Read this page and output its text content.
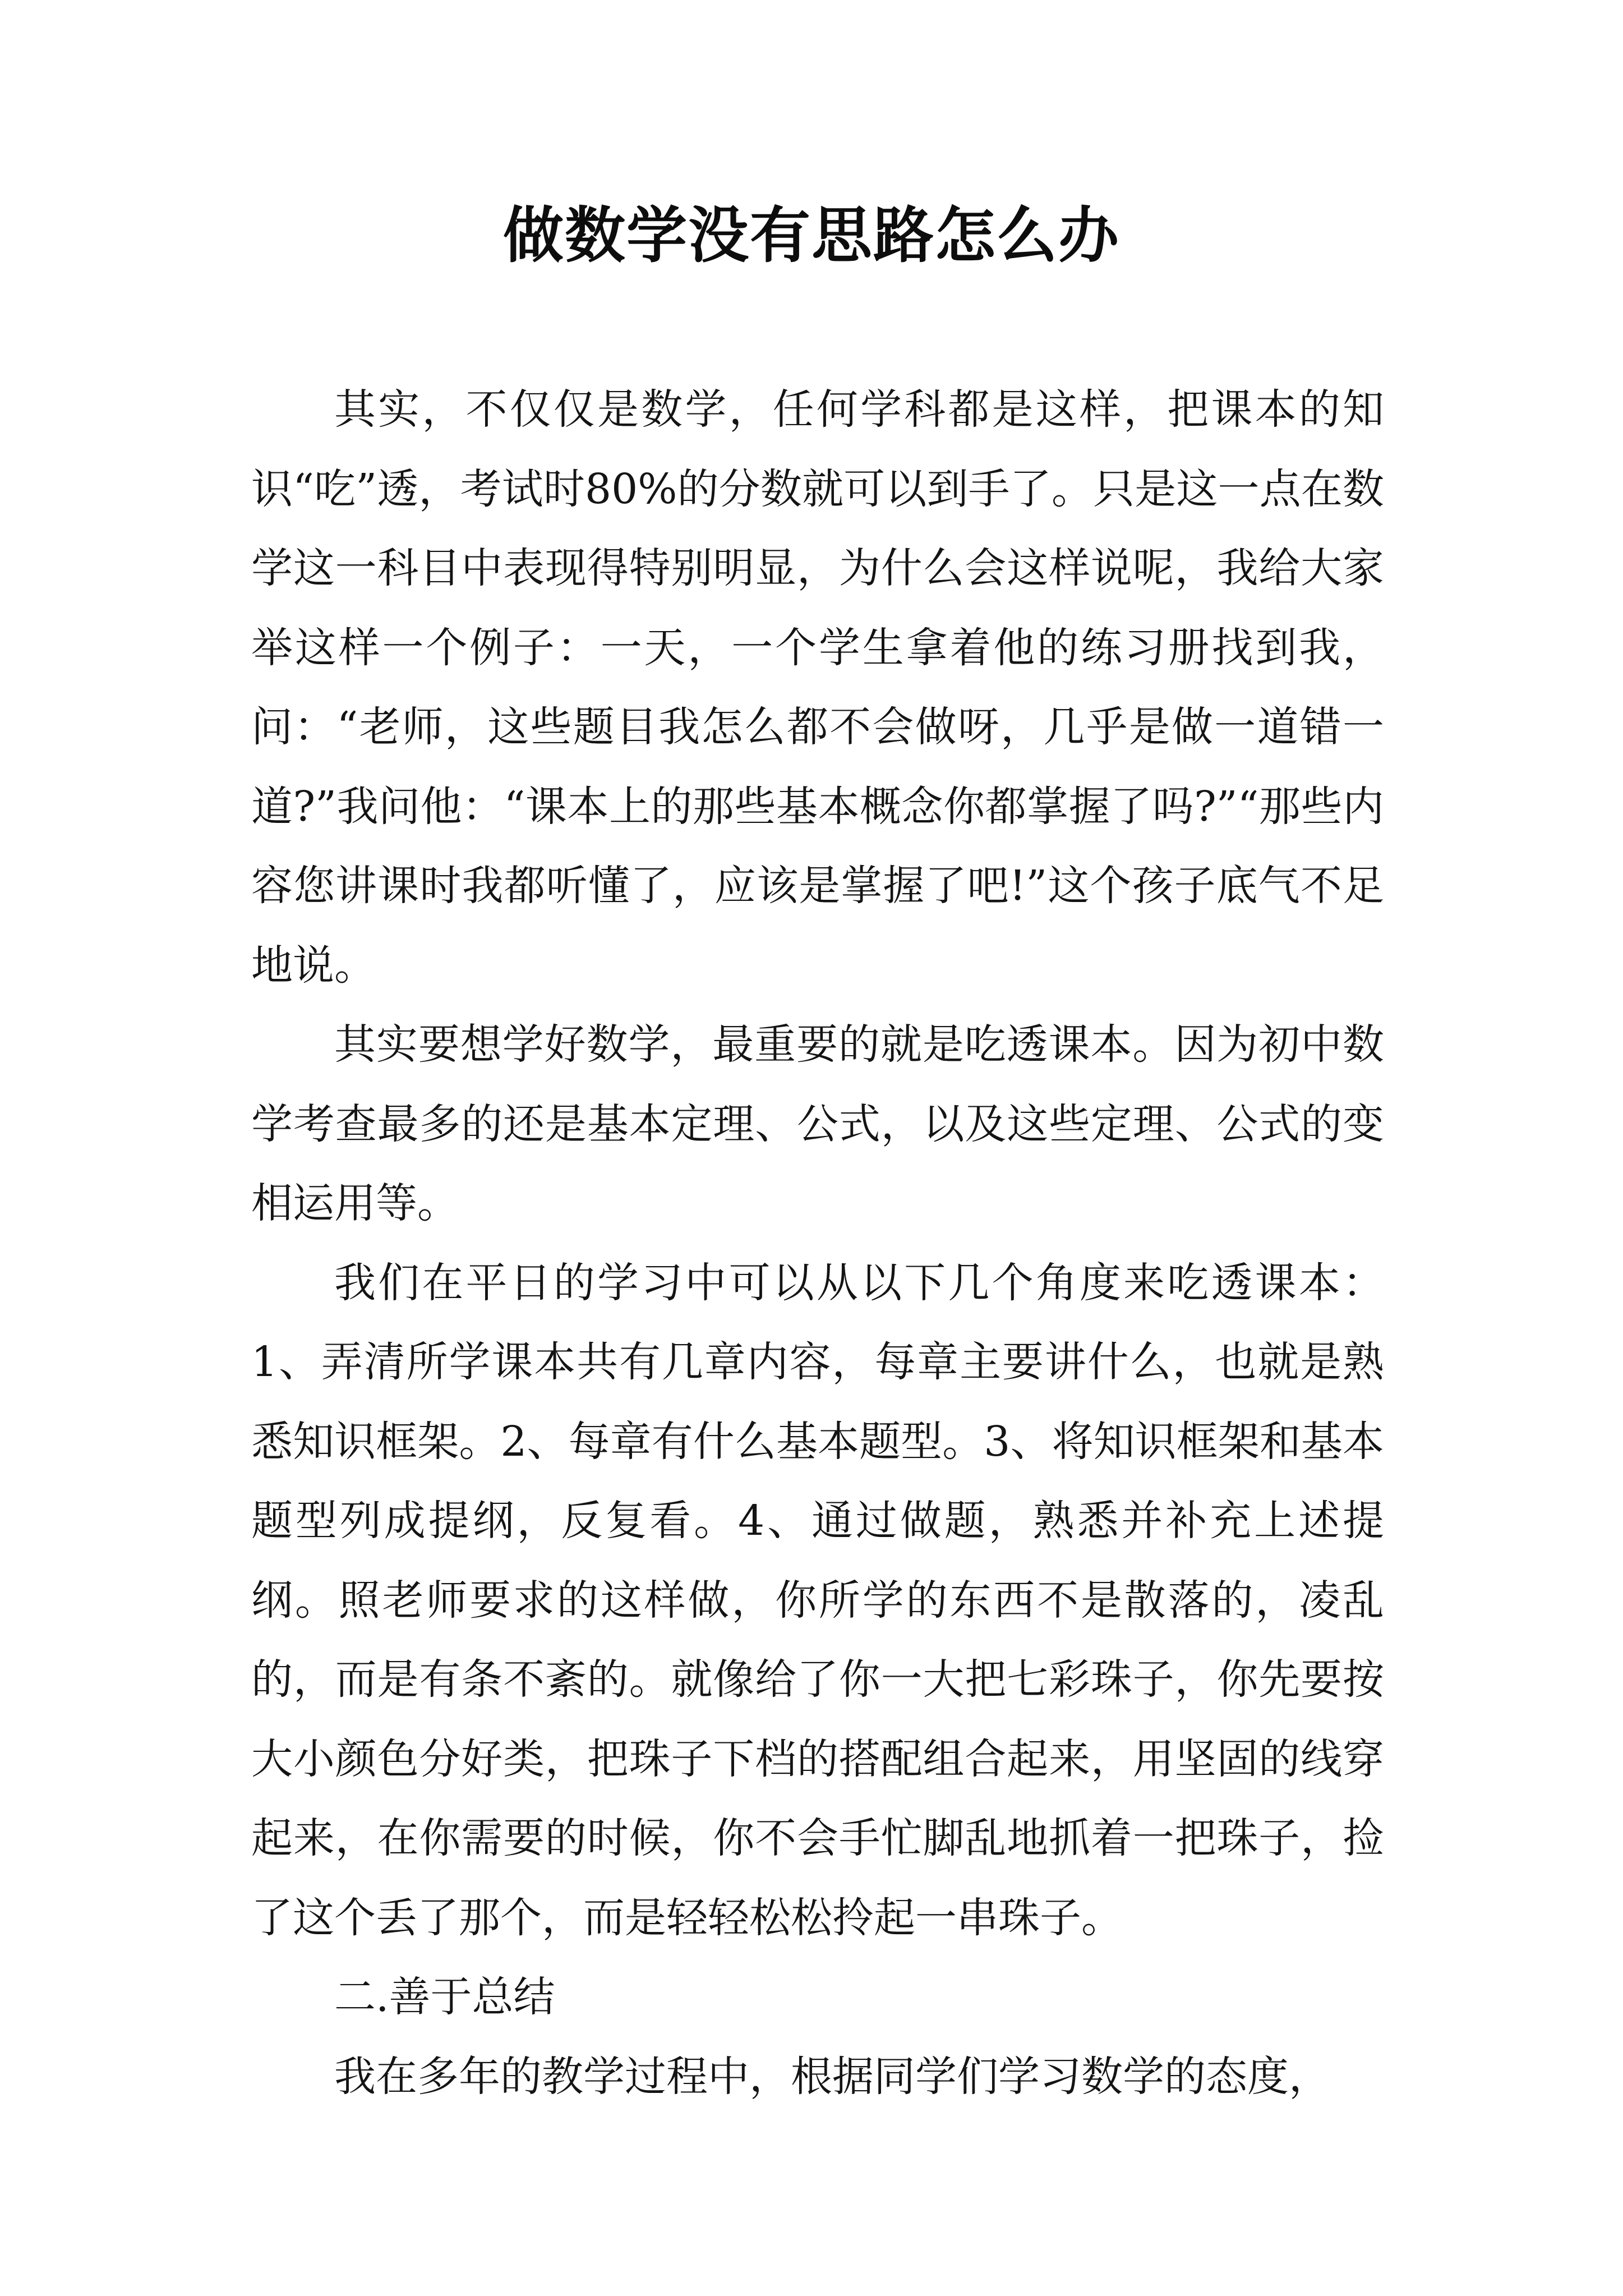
做数学没有思路怎么办

其实，不仅仅是数学，任何学科都是这样，把课本的知识“吃”透，考试时80%的分数就可以到手了。只是这一点在数学这一科目中表现得特别明显，为什么会这样说呢，我给大家举这样一个例子：一天，一个学生拿着他的练习册找到我，问：“老师，这些题目我怎么都不会做呀，几乎是做一道错一道?”我问他：“课本上的那些基本概念你都掌握了吗?”“那些内容您讲课时我都听懂了，应该是掌握了吧!”这个孩子底气不足地说。

其实要想学好数学，最重要的就是吃透课本。因为初中数学考查最多的还是基本定理、公式，以及这些定理、公式的变相运用等。

我们在平日的学习中可以从以下几个角度来吃透课本：1、弄清所学课本共有几章内容，每章主要讲什么，也就是熟悉知识框架。2、每章有什么基本题型。3、将知识框架和基本题型列成提纲，反复看。4、通过做题，熟悉并补充上述提纲。照老师要求的这样做，你所学的东西不是散落的，凌乱的，而是有条不紊的。就像给了你一大把七彩珠子，你先要按大小颜色分好类，把珠子下档的搭配组合起来，用坚固的线穿起来，在你需要的时候，你不会手忙脚乱地抓着一把珠子，捡了这个丢了那个，而是轻轻松松拎起一串珠子。

二.善于总结

我在多年的教学过程中，根据同学们学习数学的态度，
